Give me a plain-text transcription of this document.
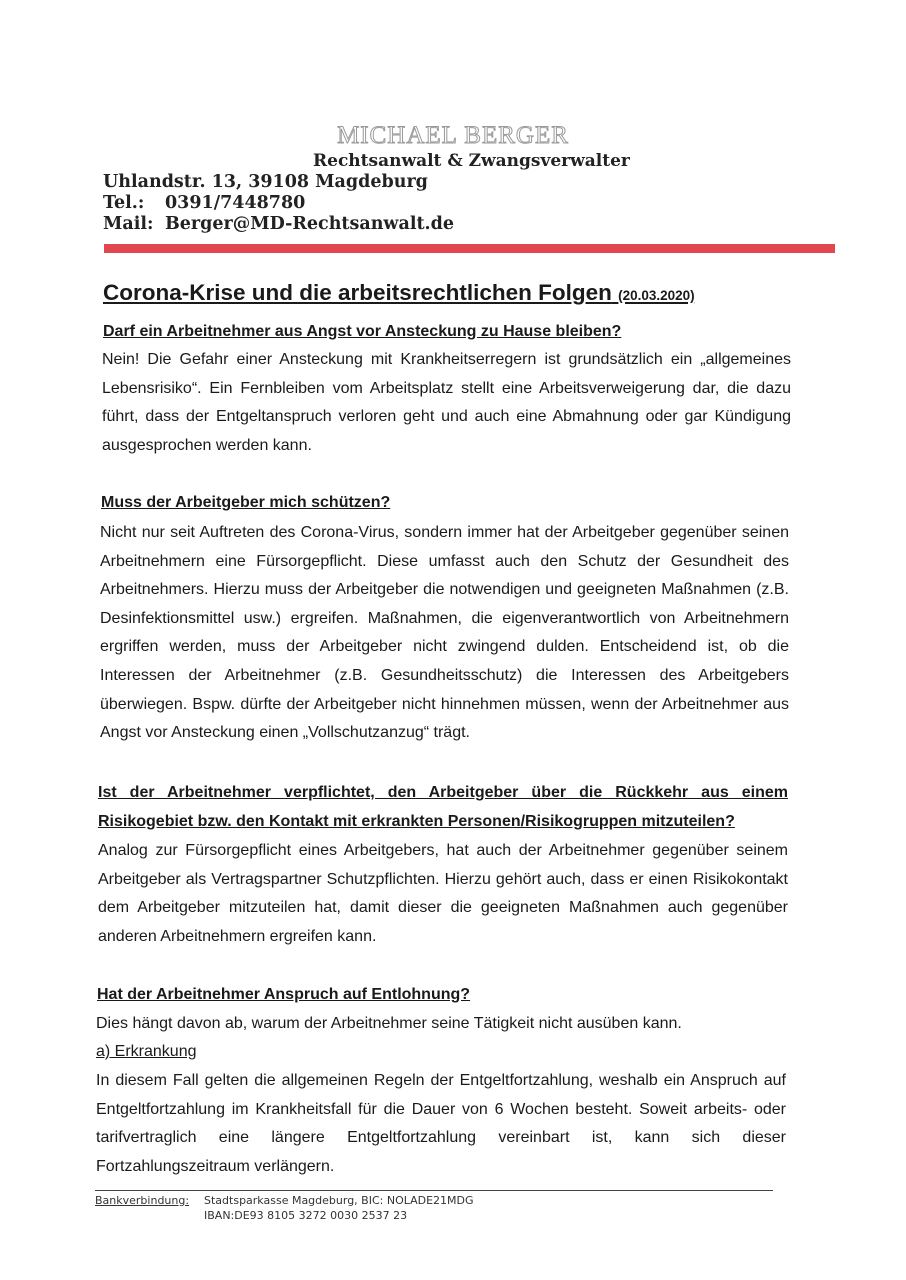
MICHAEL BERGER
Rechtsanwalt & Zwangsverwalter
Uhlandstr. 13, 39108 Magdeburg
Tel.: 0391/7448780
Mail: Berger@MD-Rechtsanwalt.de
Corona-Krise und die arbeitsrechtlichen Folgen (20.03.2020)
Darf ein Arbeitnehmer aus Angst vor Ansteckung zu Hause bleiben?
Nein! Die Gefahr einer Ansteckung mit Krankheitserregern ist grundsätzlich ein „allgemeines Lebensrisiko“. Ein Fernbleiben vom Arbeitsplatz stellt eine Arbeitsverweigerung dar, die dazu führt, dass der Entgeltanspruch verloren geht und auch eine Abmahnung oder gar Kündigung ausgesprochen werden kann.
Muss der Arbeitgeber mich schützen?
Nicht nur seit Auftreten des Corona-Virus, sondern immer hat der Arbeitgeber gegenüber seinen Arbeitnehmern eine Fürsorgepflicht. Diese umfasst auch den Schutz der Gesundheit des Arbeitnehmers. Hierzu muss der Arbeitgeber die notwendigen und geeigneten Maßnahmen (z.B. Desinfektionsmittel usw.) ergreifen. Maßnahmen, die eigenverantwortlich von Arbeitnehmern ergriffen werden, muss der Arbeitgeber nicht zwingend dulden. Entscheidend ist, ob die Interessen der Arbeitnehmer (z.B. Gesundheitsschutz) die Interessen des Arbeitgebers überwiegen. Bspw. dürfte der Arbeitgeber nicht hinnehmen müssen, wenn der Arbeitnehmer aus Angst vor Ansteckung einen „Vollschutzanzug“ trägt.
Ist der Arbeitnehmer verpflichtet, den Arbeitgeber über die Rückkehr aus einem Risikogebiet bzw. den Kontakt mit erkrankten Personen/Risikogruppen mitzuteilen?
Analog zur Fürsorgepflicht eines Arbeitgebers, hat auch der Arbeitnehmer gegenüber seinem Arbeitgeber als Vertragspartner Schutzpflichten. Hierzu gehört auch, dass er einen Risikokontakt dem Arbeitgeber mitzuteilen hat, damit dieser die geeigneten Maßnahmen auch gegenüber anderen Arbeitnehmern ergreifen kann.
Hat der Arbeitnehmer Anspruch auf Entlohnung?
Dies hängt davon ab, warum der Arbeitnehmer seine Tätigkeit nicht ausüben kann.
a) Erkrankung
In diesem Fall gelten die allgemeinen Regeln der Entgeltfortzahlung, weshalb ein Anspruch auf Entgeltfortzahlung im Krankheitsfall für die Dauer von 6 Wochen besteht. Soweit arbeits- oder tarifvertraglich eine längere Entgeltfortzahlung vereinbart ist, kann sich dieser Fortzahlungszeitraum verlängern.
Bankverbindung: Stadtsparkasse Magdeburg, BIC: NOLADE21MDG
IBAN:DE93 8105 3272 0030 2537 23
